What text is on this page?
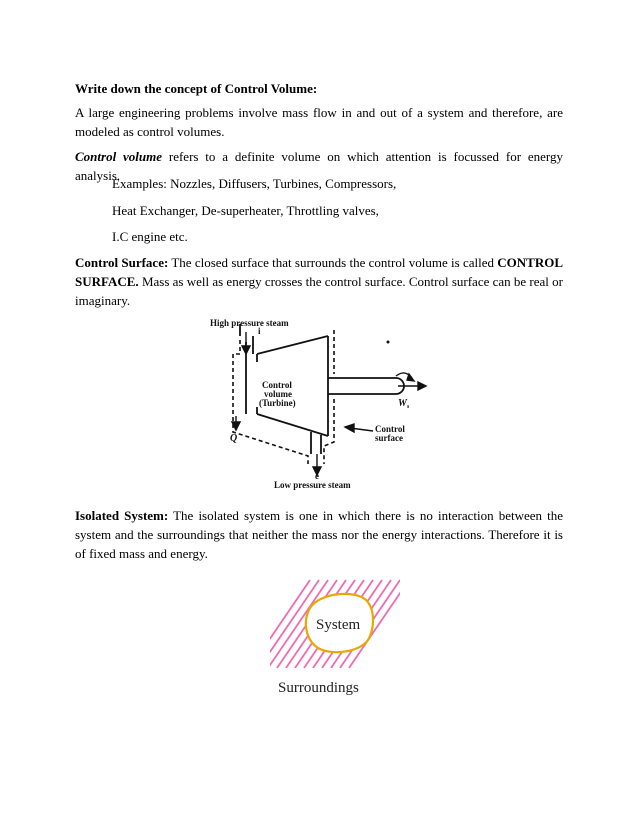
Write down the concept of Control Volume:

A large engineering problems involve mass flow in and out of a system and therefore, are modeled as control volumes.

Control volume refers to a definite volume on which attention is focussed for energy analysis.

Examples: Nozzles, Diffusers, Turbines, Compressors,

Heat Exchanger, De-superheater, Throttling valves,

I.C engine etc.

Control Surface: The closed surface that surrounds the control volume is called CONTROL SURFACE. Mass as well as energy crosses the control surface. Control surface can be real or imaginary.

High pressure steam
i
Control
volume
(Turbine)
Control
surface
e
Low pressure steam
W s
Q

Isolated System: The isolated system is one in which there is no interaction between the system and the surroundings that neither the mass nor the energy interactions. Therefore it is of fixed mass and energy.

System
Surroundings
